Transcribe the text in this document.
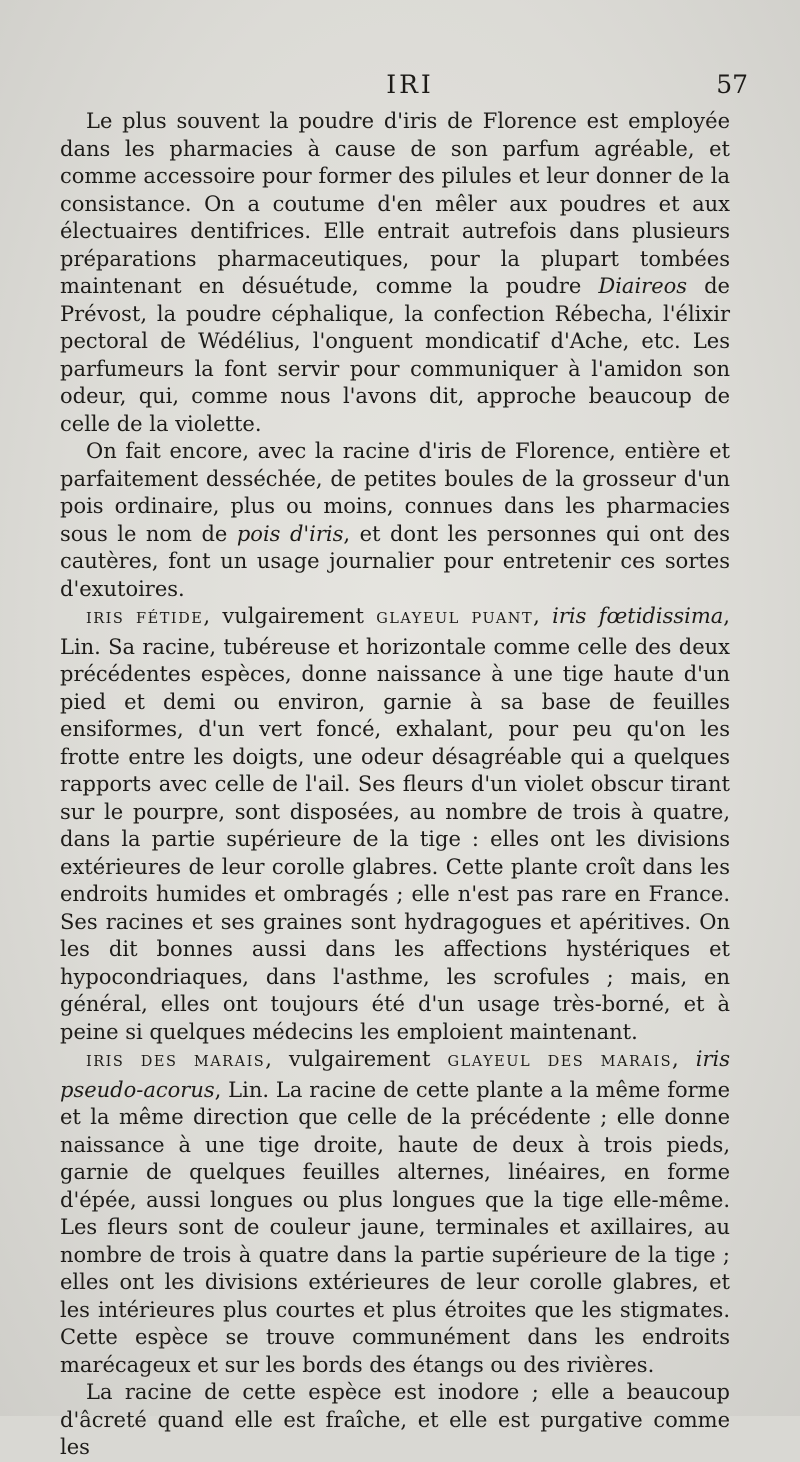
IRI	57

Le plus souvent la poudre d'iris de Florence est employée dans les pharmacies à cause de son parfum agréable, et comme accessoire pour former des pilules et leur donner de la consistance. On a coutume d'en mêler aux poudres et aux électuaires dentifrices. Elle entrait autrefois dans plusieurs préparations pharmaceutiques, pour la plupart tombées maintenant en désuétude, comme la poudre Diaireos de Prévost, la poudre céphalique, la confection Rébecha, l'élixir pectoral de Wédélius, l'onguent mondicatif d'Ache, etc. Les parfumeurs la font servir pour communiquer à l'amidon son odeur, qui, comme nous l'avons dit, approche beaucoup de celle de la violette.

On fait encore, avec la racine d'iris de Florence, entière et parfaitement desséchée, de petites boules de la grosseur d'un pois ordinaire, plus ou moins, connues dans les pharmacies sous le nom de pois d'iris, et dont les personnes qui ont des cautères, font un usage journalier pour entretenir ces sortes d'exutoires.

IRIS FÉTIDE, vulgairement GLAYEUL PUANT, iris fœtidissima, Lin. Sa racine, tubéreuse et horizontale comme celle des deux précédentes espèces, donne naissance à une tige haute d'un pied et demi ou environ, garnie à sa base de feuilles ensiformes, d'un vert foncé, exhalant, pour peu qu'on les frotte entre les doigts, une odeur désagréable qui a quelques rapports avec celle de l'ail. Ses fleurs d'un violet obscur tirant sur le pourpre, sont disposées, au nombre de trois à quatre, dans la partie supérieure de la tige : elles ont les divisions extérieures de leur corolle glabres. Cette plante croît dans les endroits humides et ombragés ; elle n'est pas rare en France. Ses racines et ses graines sont hydragogues et apéritives. On les dit bonnes aussi dans les affections hystériques et hypocondriaques, dans l'asthme, les scrofules ; mais, en général, elles ont toujours été d'un usage très-borné, et à peine si quelques médecins les emploient maintenant.

IRIS DES MARAIS, vulgairement GLAYEUL DES MARAIS, iris pseudo-acorus, Lin. La racine de cette plante a la même forme et la même direction que celle de la précédente ; elle donne naissance à une tige droite, haute de deux à trois pieds, garnie de quelques feuilles alternes, linéaires, en forme d'épée, aussi longues ou plus longues que la tige elle-même. Les fleurs sont de couleur jaune, terminales et axillaires, au nombre de trois à quatre dans la partie supérieure de la tige ; elles ont les divisions extérieures de leur corolle glabres, et les intérieures plus courtes et plus étroites que les stigmates. Cette espèce se trouve communément dans les endroits marécageux et sur les bords des étangs ou des rivières.

La racine de cette espèce est inodore ; elle a beaucoup d'âcreté quand elle est fraîche, et elle est purgative comme les
